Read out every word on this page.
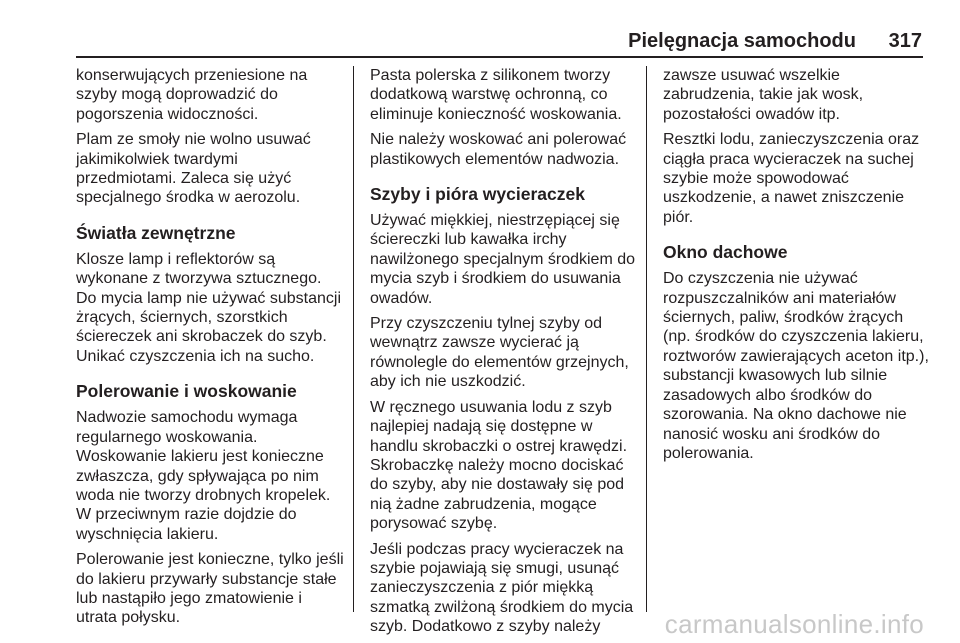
Pielęgnacja samochodu 317
konserwujących przeniesione na
szyby mogą doprowadzić do
pogorszenia widoczności.
Plam ze smoły nie wolno usuwać
jakimikolwiek twardymi
przedmiotami. Zaleca się użyć
specjalnego środka w aerozolu.
Światła zewnętrzne
Klosze lamp i reflektorów są
wykonane z tworzywa sztucznego.
Do mycia lamp nie używać substancji
żrących, ściernych, szorstkich
ściereczek ani skrobaczek do szyb.
Unikać czyszczenia ich na sucho.
Polerowanie i woskowanie
Nadwozie samochodu wymaga
regularnego woskowania.
Woskowanie lakieru jest konieczne
zwłaszcza, gdy spływająca po nim
woda nie tworzy drobnych kropelek.
W przeciwnym razie dojdzie do
wyschnięcia lakieru.
Polerowanie jest konieczne, tylko jeśli
do lakieru przywarły substancje stałe
lub nastąpiło jego zmatowienie i
utrata połysku.
Pasta polerska z silikonem tworzy
dodatkową warstwę ochronną, co
eliminuje konieczność woskowania.
Nie należy woskować ani polerować
plastikowych elementów nadwozia.
Szyby i pióra wycieraczek
Używać miękkiej, niestrzępiącej się
ściereczki lub kawałka irchy
nawilżonego specjalnym środkiem do
mycia szyb i środkiem do usuwania
owadów.
Przy czyszczeniu tylnej szyby od
wewnątrz zawsze wycierać ją
równolegle do elementów grzejnych,
aby ich nie uszkodzić.
W ręcznego usuwania lodu z szyb
najlepiej nadają się dostępne w
handlu skrobaczki o ostrej krawędzi.
Skrobaczkę należy mocno dociskać
do szyby, aby nie dostawały się pod
nią żadne zabrudzenia, mogące
porysować szybę.
Jeśli podczas pracy wycieraczek na
szybie pojawiają się smugi, usunąć
zanieczyszczenia z piór miękką
szmatką zwilżoną środkiem do mycia
szyb. Dodatkowo z szyby należy
zawsze usuwać wszelkie
zabrudzenia, takie jak wosk,
pozostałości owadów itp.
Resztki lodu, zanieczyszczenia oraz
ciągła praca wycieraczek na suchej
szybie może spowodować
uszkodzenie, a nawet zniszczenie
piór.
Okno dachowe
Do czyszczenia nie używać
rozpuszczalników ani materiałów
ściernych, paliw, środków żrących
(np. środków do czyszczenia lakieru,
roztworów zawierających aceton itp.),
substancji kwasowych lub silnie
zasadowych albo środków do
szorowania. Na okno dachowe nie
nanosić wosku ani środków do
polerowania.
carmanualsonline.info
